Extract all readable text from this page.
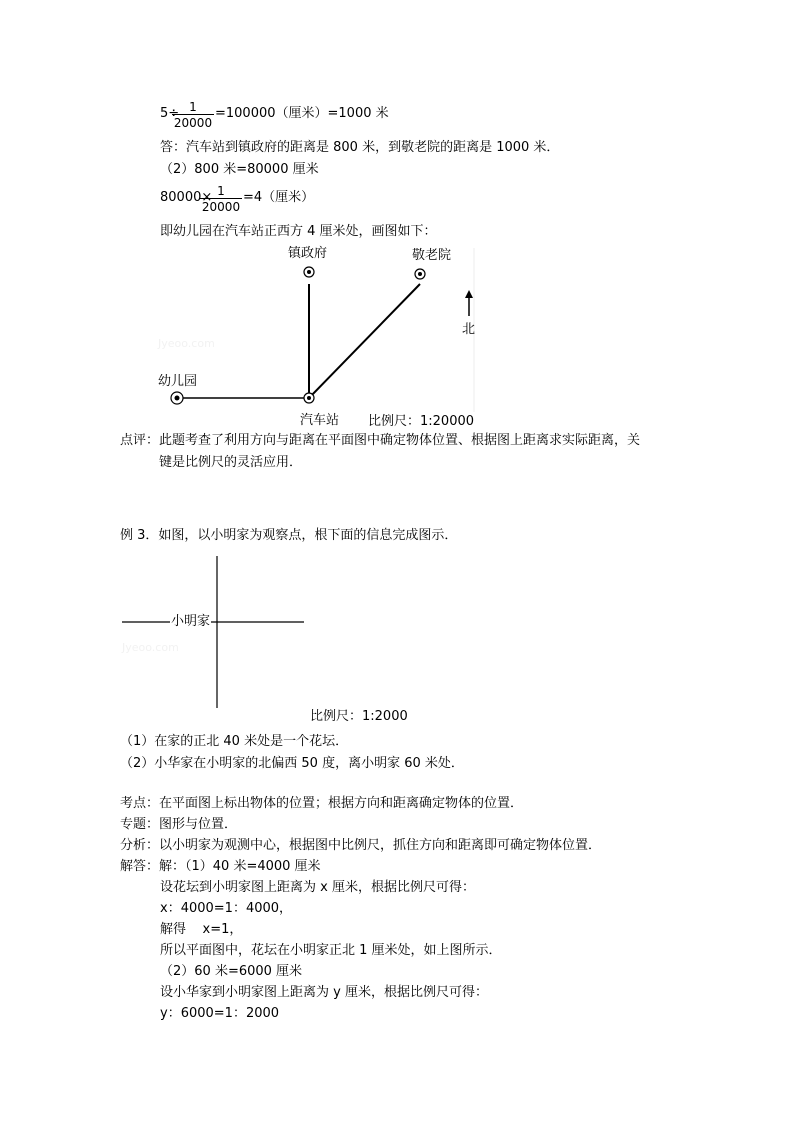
5÷
$\frac{1}{20000} =100000$（厘米）=1000 米
答：汽车站到镇政府的距离是 800 米，到敬老院的距离是 1000 米．
（2）800 米=80000 厘米
80000×
$\frac{1}{20000} =4$（厘米）
即幼儿园在汽车站正西方 4 厘米处，画图如下：
镇政府	敬老院
北
Jyeoo.com
幼儿园
汽车站 比例尺：1:20000
点评： 此题考查了利用方向与距离在平面图中确定物体位置、根据图上距离求实际距离，关
键是比例尺的灵活应用．
例 3．如图，以小明家为观察点，根下面的信息完成图示．
小明家
Jyeoo.com
比例尺：1:2000
（1）在家的正北 40 米处是一个花坛．
（2）小华家在小明家的北偏西 50 度，离小明家 60 米处．
考点：在平面图上标出物体的位置；根据方向和距离确定物体的位置．
专题：图形与位置．
分析：以小明家为观测中心，根据图中比例尺，抓住方向和距离即可确定物体位置．
解答：解：（1）40 米=4000 厘米
设花坛到小明家图上距离为 x 厘米，根据比例尺可得：
x：4000=1：4000，
解得    x=1，
所以平面图中，花坛在小明家正北 1 厘米处，如上图所示．
（2）60 米=6000 厘米
设小华家到小明家图上距离为 y 厘米，根据比例尺可得：
y：6000=1：2000
